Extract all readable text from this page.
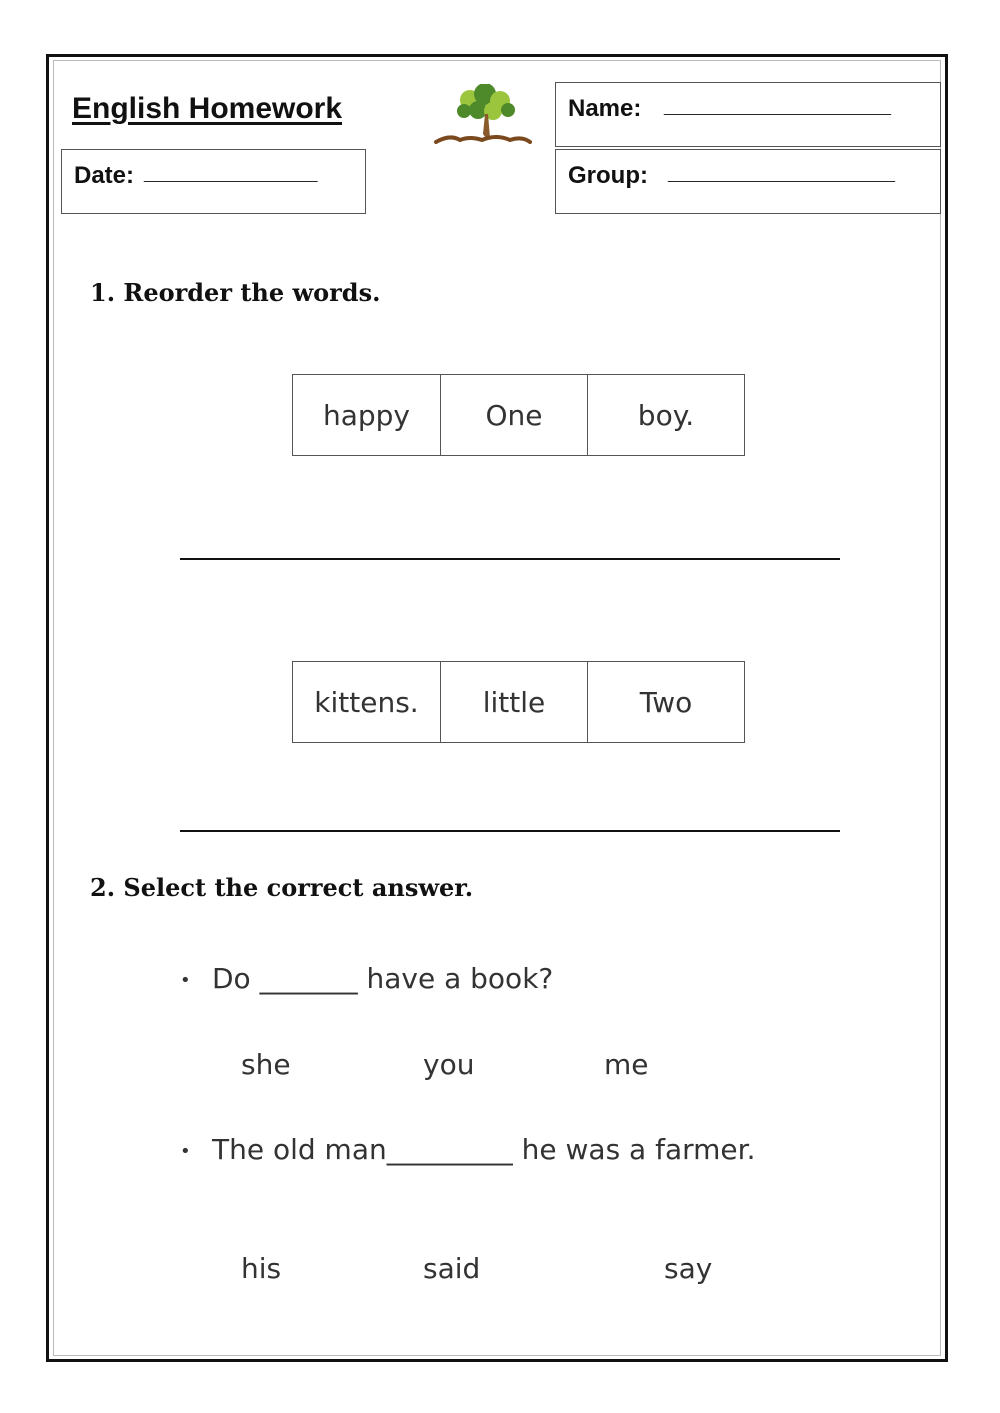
English Homework
Date: _____________
Name: _________________
Group: _________________
1. Reorder the words.
happy	One	boy.
kittens.	little	Two
2. Select the correct answer.
• Do _______ have a book?
she	you	me
• The old man_________ he was a farmer.
his	said	say
